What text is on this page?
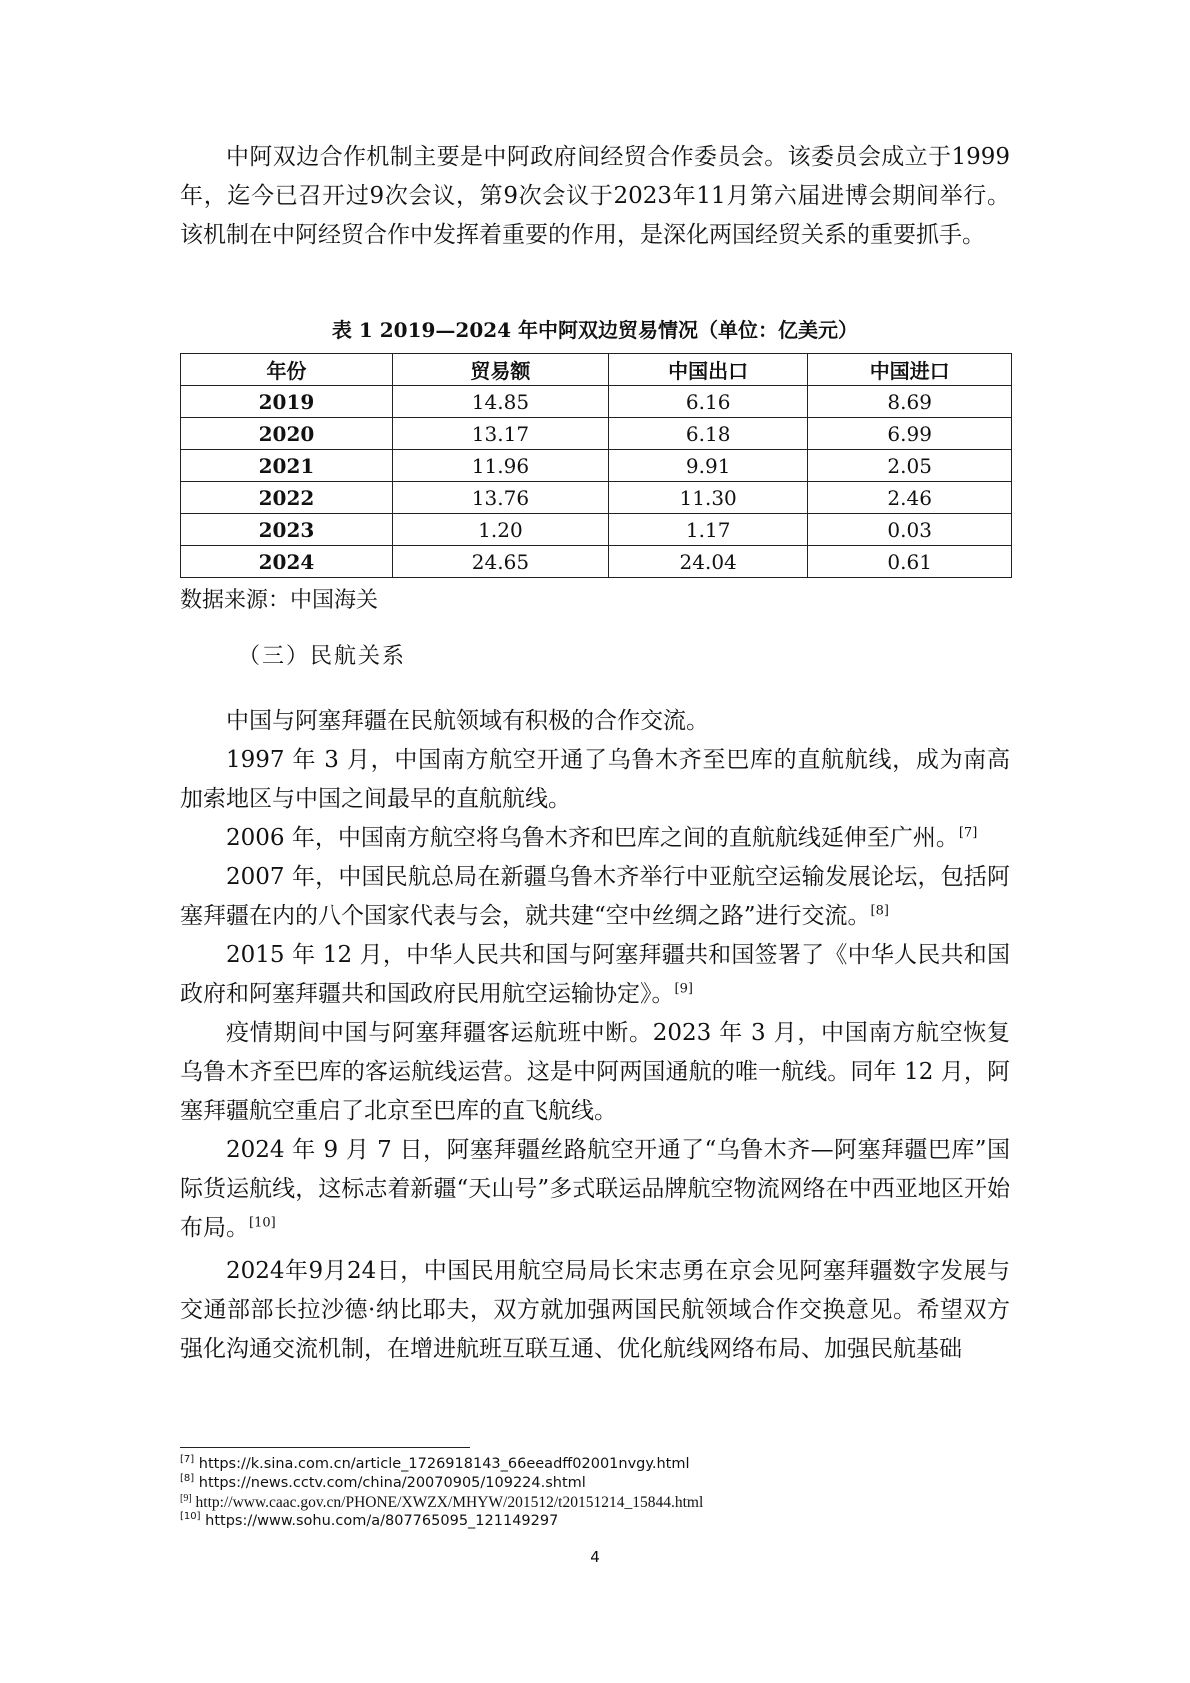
中阿双边合作机制主要是中阿政府间经贸合作委员会。该委员会成立于1999年，迄今已召开过9次会议，第9次会议于2023年11月第六届进博会期间举行。该机制在中阿经贸合作中发挥着重要的作用，是深化两国经贸关系的重要抓手。

表 1 2019—2024 年中阿双边贸易情况（单位：亿美元）
年份	贸易额	中国出口	中国进口
2019	14.85	6.16	8.69
2020	13.17	6.18	6.99
2021	11.96	9.91	2.05
2022	13.76	11.30	2.46
2023	1.20	1.17	0.03
2024	24.65	24.04	0.61
数据来源：中国海关
（三）民航关系

中国与阿塞拜疆在民航领域有积极的合作交流。

1997 年 3 月，中国南方航空开通了乌鲁木齐至巴库的直航航线，成为南高加索地区与中国之间最早的直航航线。

2006 年，中国南方航空将乌鲁木齐和巴库之间的直航航线延伸至广州。[7]

2007 年，中国民航总局在新疆乌鲁木齐举行中亚航空运输发展论坛，包括阿塞拜疆在内的八个国家代表与会，就共建“空中丝绸之路”进行交流。[8]

2015 年 12 月，中华人民共和国与阿塞拜疆共和国签署了《中华人民共和国政府和阿塞拜疆共和国政府民用航空运输协定》。[9]

疫情期间中国与阿塞拜疆客运航班中断。2023 年 3 月，中国南方航空恢复乌鲁木齐至巴库的客运航线运营。这是中阿两国通航的唯一航线。同年 12 月，阿塞拜疆航空重启了北京至巴库的直飞航线。

2024 年 9 月 7 日，阿塞拜疆丝路航空开通了“乌鲁木齐—阿塞拜疆巴库”国际货运航线，这标志着新疆“天山号”多式联运品牌航空物流网络在中西亚地区开始布局。[10]

2024年9月24日，中国民用航空局局长宋志勇在京会见阿塞拜疆数字发展与交通部部长拉沙德·纳比耶夫，双方就加强两国民航领域合作交换意见。希望双方强化沟通交流机制，在增进航班互联互通、优化航线网络布局、加强民航基础

[7] https://k.sina.com.cn/article_1726918143_66eeadff02001nvgy.html
[8] https://news.cctv.com/china/20070905/109224.shtml
[9] http://www.caac.gov.cn/PHONE/XWZX/MHYW/201512/t20151214_15844.html
[10] https://www.sohu.com/a/807765095_121149297
4
